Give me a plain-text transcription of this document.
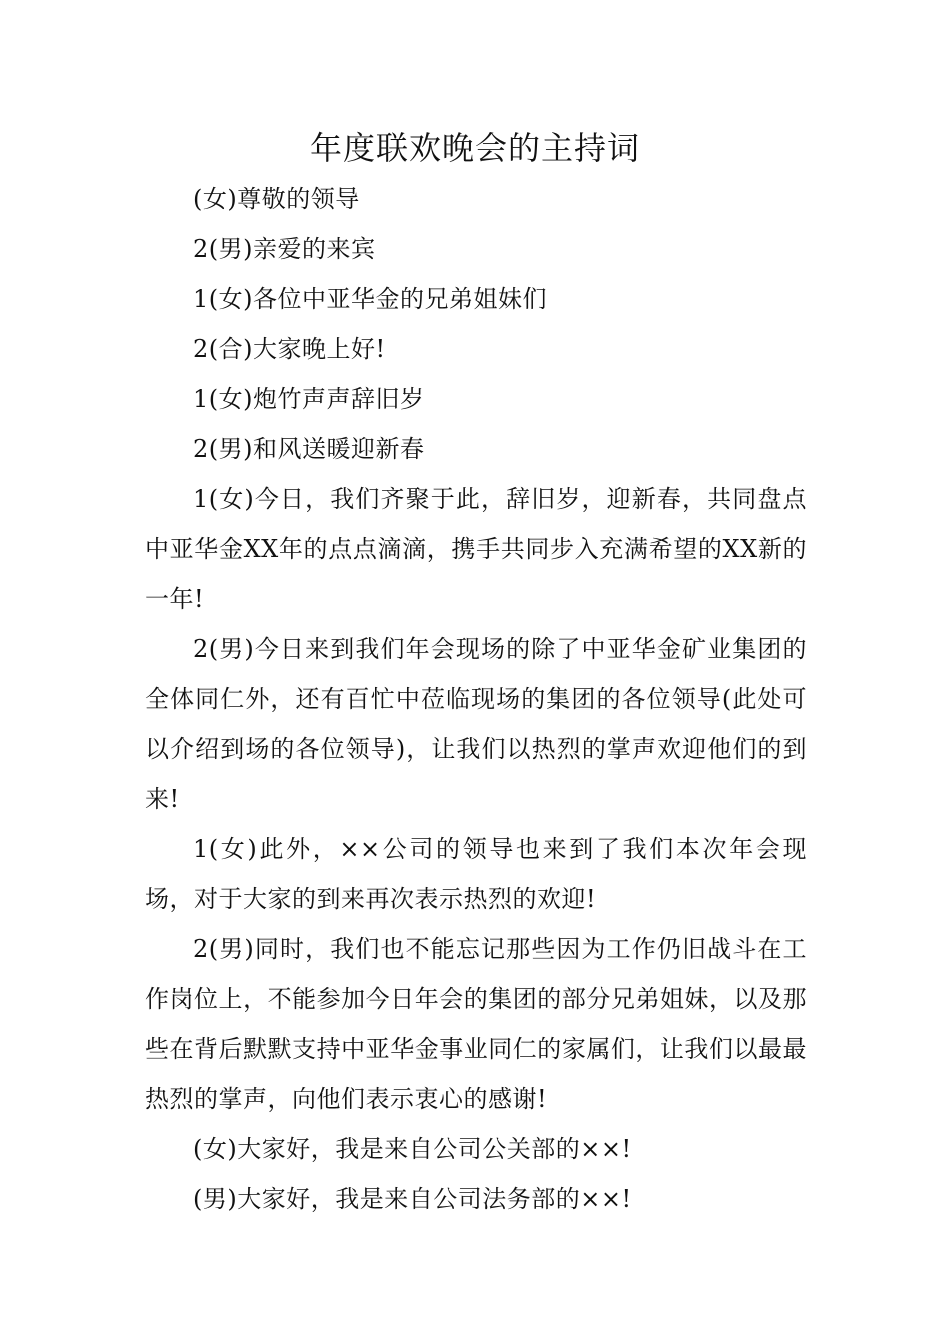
年度联欢晚会的主持词

(女)尊敬的领导

2(男)亲爱的来宾

1(女)各位中亚华金的兄弟姐妹们

2(合)大家晚上好!

1(女)炮竹声声辞旧岁

2(男)和风送暖迎新春

1(女)今日，我们齐聚于此，辞旧岁，迎新春，共同盘点中亚华金XX年的点点滴滴，携手共同步入充满希望的XX新的一年!

2(男)今日来到我们年会现场的除了中亚华金矿业集团的全体同仁外，还有百忙中莅临现场的集团的各位领导(此处可以介绍到场的各位领导)，让我们以热烈的掌声欢迎他们的到来!

1(女)此外，××公司的领导也来到了我们本次年会现场，对于大家的到来再次表示热烈的欢迎!

2(男)同时，我们也不能忘记那些因为工作仍旧战斗在工作岗位上，不能参加今日年会的集团的部分兄弟姐妹，以及那些在背后默默支持中亚华金事业同仁的家属们，让我们以最最热烈的掌声，向他们表示衷心的感谢!

(女)大家好，我是来自公司公关部的××!

(男)大家好，我是来自公司法务部的××!
